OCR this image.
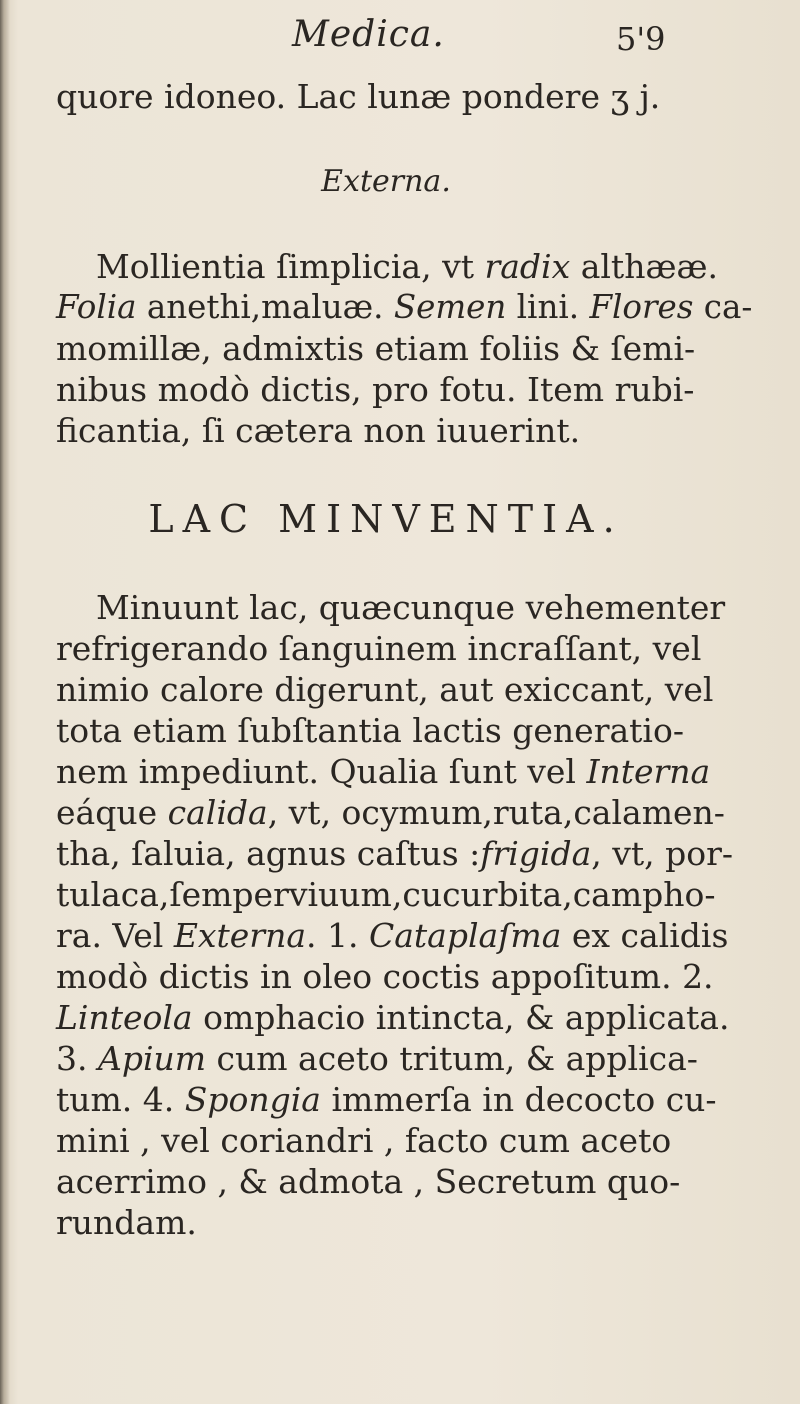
Medica.	5'9
quore idoneo. Lac lunæ pondere ʒ j.
Externa.
Mollientia ſimplicia, vt radix althææ.
Folia anethi,maluæ. Semen lini. Flores ca-
momillæ, admixtis etiam foliis & ſemi-
nibus modò dictis, pro fotu. Item rubi-
ficantia, ſi cætera non iuuerint.
LAC MINVENTIA.
Minuunt lac, quæcunque vehementer
refrigerando ſanguinem incraſſant, vel
nimio calore digerunt, aut exiccant, vel
tota etiam ſubſtantia lactis generatio-
nem impediunt. Qualia ſunt vel Interna
eáque calida, vt, ocymum,ruta,calamen-
tha, ſaluia, agnus caſtus :frigida, vt, por-
tulaca,ſemperviuum,cucurbita,campho-
ra. Vel Externa. 1. Cataplaſma ex calidis
modò dictis in oleo coctis appoſitum. 2.
Linteola omphacio intincta, & applicata.
3. Apium cum aceto tritum, & applica-
tum. 4. Spongia immerſa in decocto cu-
mini , vel coriandri , facto cum aceto
acerrimo , & admota , Secretum quo-
rundam.
